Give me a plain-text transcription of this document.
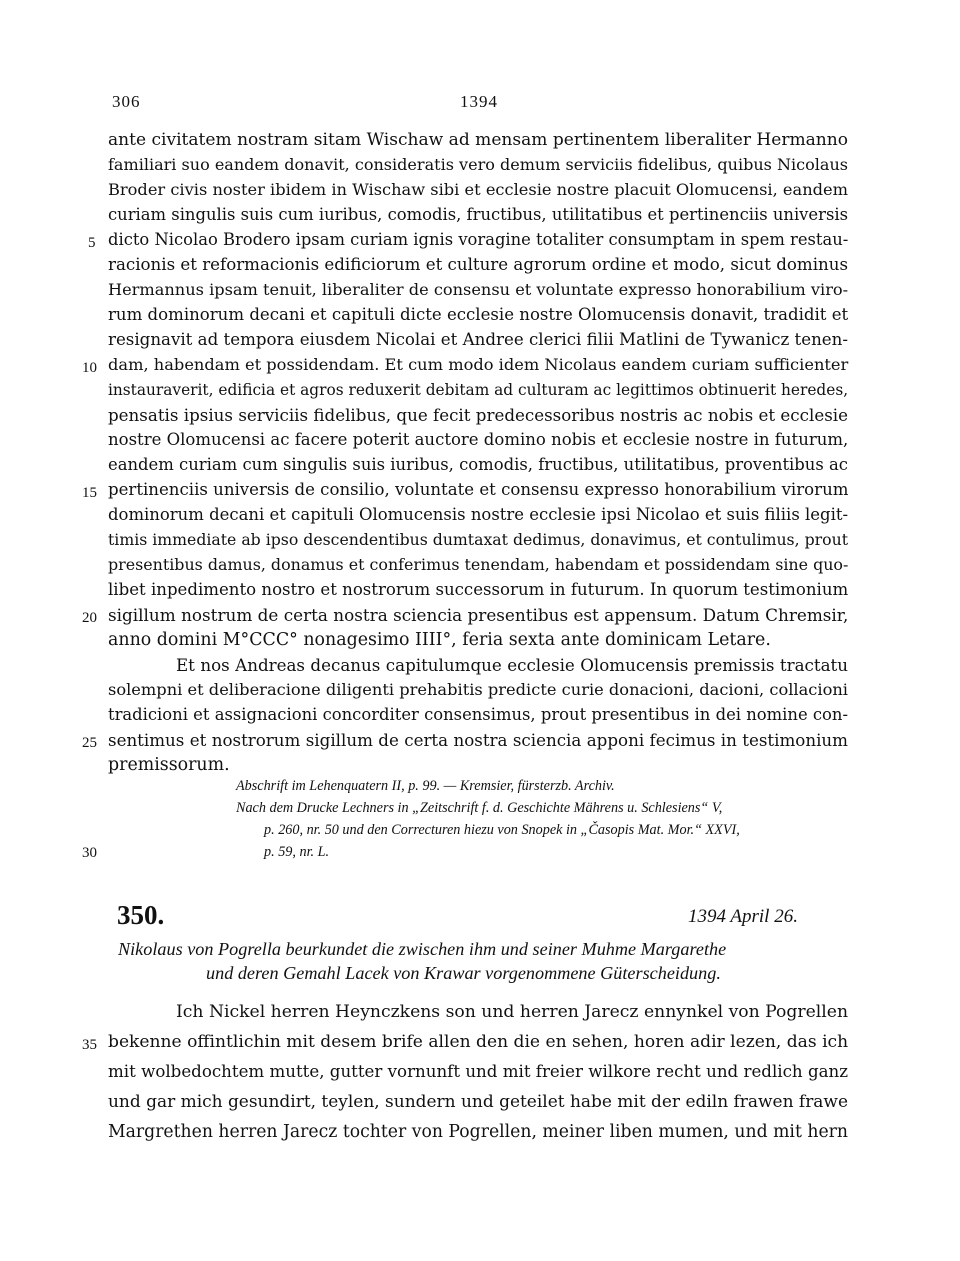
306	1394
ante civitatem nostram sitam Wischaw ad mensam pertinentem liberaliter Hermanno
familiari suo eandem donavit, consideratis vero demum serviciis fidelibus, quibus Nicolaus
Broder civis noster ibidem in Wischaw sibi et ecclesie nostre placuit Olomucensi, eandem
curiam singulis suis cum iuribus, comodis, fructibus, utilitatibus et pertinenciis universis
dicto Nicolao Brodero ipsam curiam ignis voragine totaliter consumptam in spem restau-
racionis et reformacionis edificiorum et culture agrorum ordine et modo, sicut dominus
Hermannus ipsam tenuit, liberaliter de consensu et voluntate expresso honorabilium viro-
rum dominorum decani et capituli dicte ecclesie nostre Olomucensis donavit, tradidit et
resignavit ad tempora eiusdem Nicolai et Andree clerici filii Matlini de Tywanicz tenen-
dam, habendam et possidendam. Et cum modo idem Nicolaus eandem curiam sufficienter
instauraverit, edificia et agros reduxerit debitam ad culturam ac legittimos obtinuerit heredes,
pensatis ipsius serviciis fidelibus, que fecit predecessoribus nostris ac nobis et ecclesie
nostre Olomucensi ac facere poterit auctore domino nobis et ecclesie nostre in futurum,
eandem curiam cum singulis suis iuribus, comodis, fructibus, utilitatibus, proventibus ac
pertinenciis universis de consilio, voluntate et consensu expresso honorabilium virorum
dominorum decani et capituli Olomucensis nostre ecclesie ipsi Nicolao et suis filiis legit-
timis immediate ab ipso descendentibus dumtaxat dedimus, donavimus, et contulimus, prout
presentibus damus, donamus et conferimus tenendam, habendam et possidendam sine quo-
libet inpedimento nostro et nostrorum successorum in futurum. In quorum testimonium
sigillum nostrum de certa nostra sciencia presentibus est appensum. Datum Chremsir,
anno domini M°CCC° nonagesimo IIII°, feria sexta ante dominicam Letare.
Et nos Andreas decanus capitulumque ecclesie Olomucensis premissis tractatu
solempni et deliberacione diligenti prehabitis predicte curie donacioni, dacioni, collacioni
tradicioni et assignacioni concorditer consensimus, prout presentibus in dei nomine con-
sentimus et nostrorum sigillum de certa nostra sciencia apponi fecimus in testimonium
premissorum.
5
10
15
20
25
30
35
Abschrift im Lehenquatern II, p. 99. — Kremsier, fürsterzb. Archiv.
Nach dem Drucke Lechners in „Zeitschrift f. d. Geschichte Mährens u. Schlesiens“ V,
p. 260, nr. 50 und den Correcturen hiezu von Snopek in „Časopis Mat. Mor.“ XXVI,
p. 59, nr. L.
350.	1394 April 26.
Nikolaus von Pogrella beurkundet die zwischen ihm und seiner Muhme Margarethe
und deren Gemahl Lacek von Krawar vorgenommene Güterscheidung.
Ich Nickel herren Heynczkens son und herren Jarecz ennynkel von Pogrellen
bekenne offintlichin mit desem brife allen den die en sehen, horen adir lezen, das ich
mit wolbedochtem mutte, gutter vornunft und mit freier wilkore recht und redlich ganz
und gar mich gesundirt, teylen, sundern und geteilet habe mit der ediln frawen frawe
Margrethen herren Jarecz tochter von Pogrellen, meiner liben mumen, und mit hern
